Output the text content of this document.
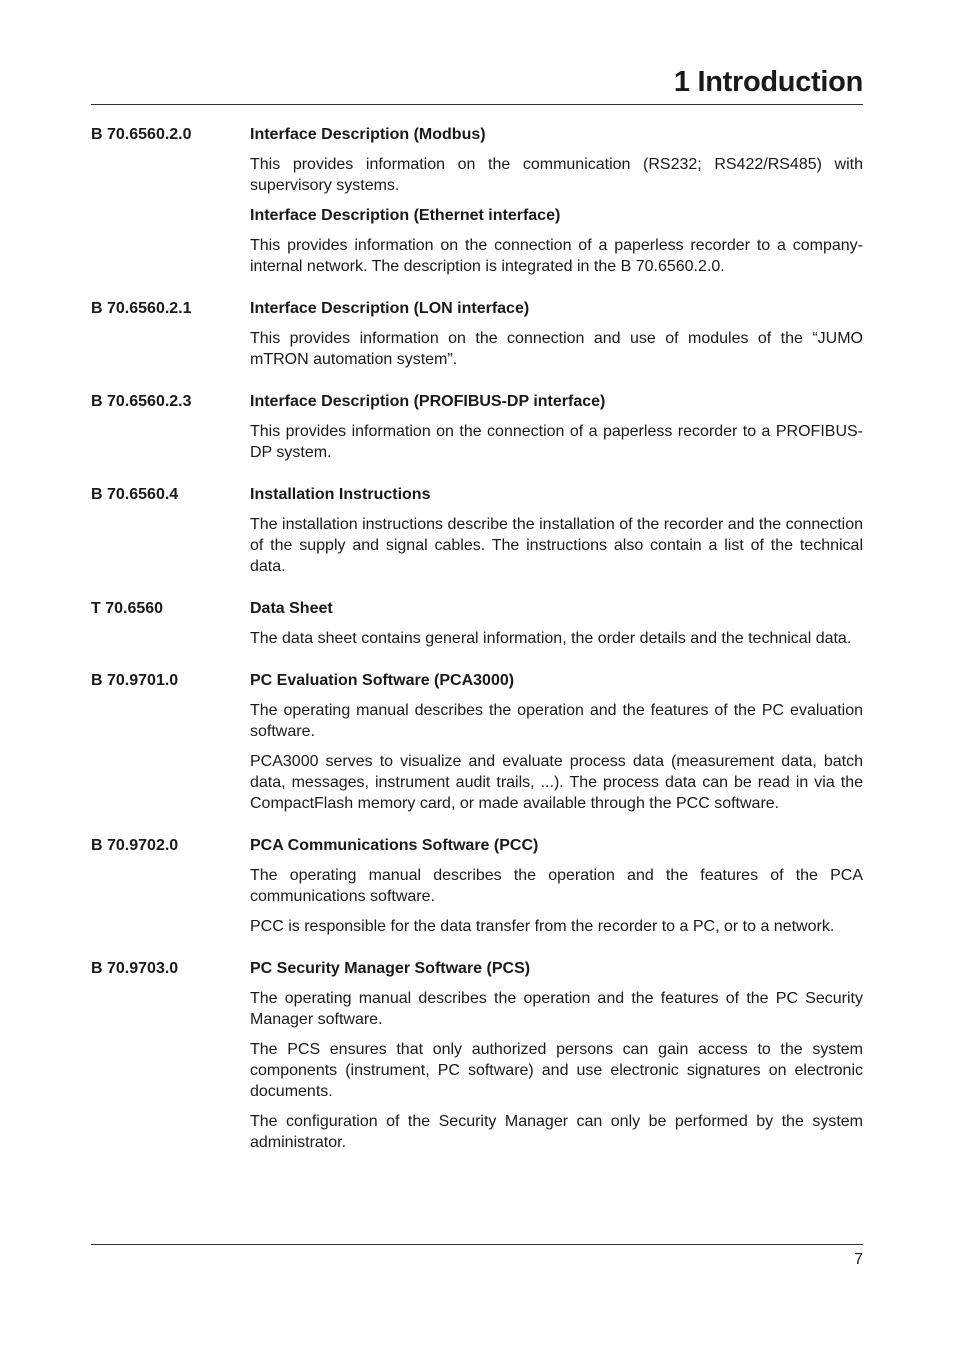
1 Introduction
B 70.6560.2.0	Interface Description (Modbus)

This provides information on the communication (RS232; RS422/RS485) with supervisory systems.

Interface Description (Ethernet interface)

This provides information on the connection of a paperless recorder to a company-internal network. The description is integrated in the B 70.6560.2.0.

B 70.6560.2.1	Interface Description (LON interface)

This provides information on the connection and use of modules of the “JUMO mTRON automation system”.

B 70.6560.2.3	Interface Description (PROFIBUS-DP interface)

This provides information on the connection of a paperless recorder to a PROFIBUS-DP system.

B 70.6560.4	Installation Instructions

The installation instructions describe the installation of the recorder and the connection of the supply and signal cables. The instructions also contain a list of the technical data.

T 70.6560	Data Sheet

The data sheet contains general information, the order details and the technical data.

B 70.9701.0	PC Evaluation Software (PCA3000)

The operating manual describes the operation and the features of the PC evaluation software.

PCA3000 serves to visualize and evaluate process data (measurement data, batch data, messages, instrument audit trails, ...). The process data can be read in via the CompactFlash memory card, or made available through the PCC software.

B 70.9702.0	PCA Communications Software (PCC)

The operating manual describes the operation and the features of the PCA communications software.

PCC is responsible for the data transfer from the recorder to a PC, or to a network.

B 70.9703.0	PC Security Manager Software (PCS)

The operating manual describes the operation and the features of the PC Security Manager software.

The PCS ensures that only authorized persons can gain access to the system components (instrument, PC software) and use electronic signatures on electronic documents.

The configuration of the Security Manager can only be performed by the system administrator.

7
